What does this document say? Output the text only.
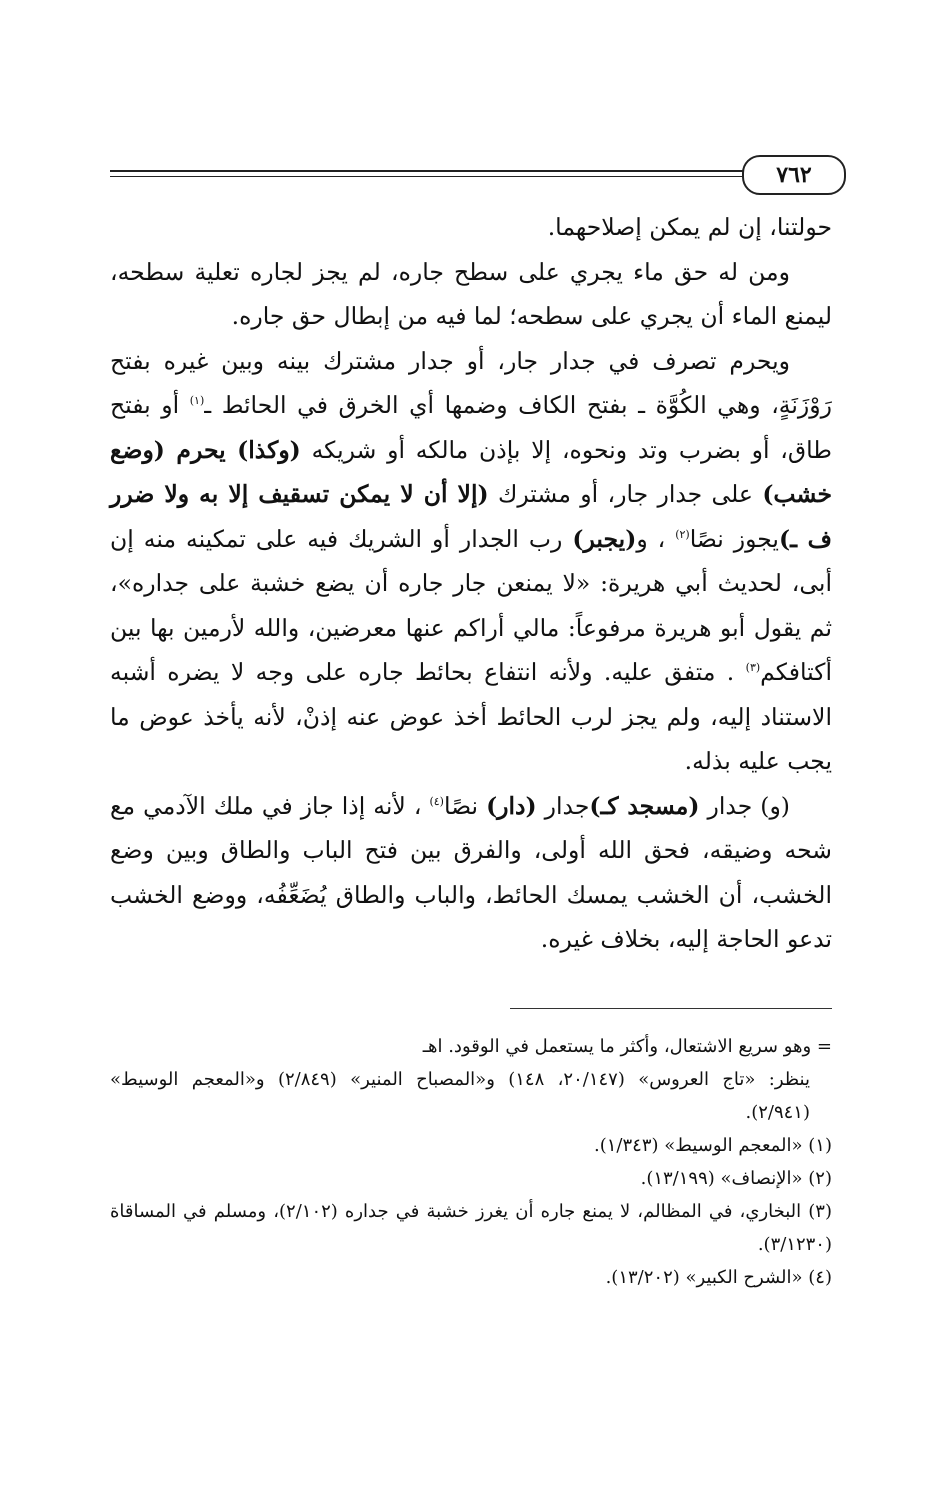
٧٦٢

حولتنا، إن لم يمكن إصلاحهما.

ومن له حق ماء يجري على سطح جاره، لم يجز لجاره تعلية سطحه، ليمنع الماء أن يجري على سطحه؛ لما فيه من إبطال حق جاره.

ويحرم تصرف في جدار جار، أو جدار مشترك بينه وبين غيره بفتح رَوْزَنَةٍ، وهي الكُوَّة ـ بفتح الكاف وضمها أي الخرق في الحائط ـ$^{(١)}$ أو بفتح طاق، أو بضرب وتد ونحوه، إلا بإذن مالكه أو شريكه (وكذا) يحرم (وضع خشب) على جدار جار، أو مشترك (إلا أن لا يمكن تسقيف إلا به ولا ضرر ف ـ)يجوز نصًا$^{(٢)}$ ، و(يجبر) رب الجدار أو الشريك فيه على تمكينه منه إن أبى، لحديث أبي هريرة: «لا يمنعن جار جاره أن يضع خشبة على جداره»، ثم يقول أبو هريرة مرفوعاً: مالي أراكم عنها معرضين، والله لأرمين بها بين أكتافكم$^{(٣)}$ . متفق عليه. ولأنه انتفاع بحائط جاره على وجه لا يضره أشبه الاستناد إليه، ولم يجز لرب الحائط أخذ عوض عنه إذنْ، لأنه يأخذ عوض ما يجب عليه بذله.

(و) جدار (مسجد كـ)جدار (دار) نصًا$^{(٤)}$ ، لأنه إذا جاز في ملك الآدمي مع شحه وضيقه، فحق الله أولى، والفرق بين فتح الباب والطاق وبين وضع الخشب، أن الخشب يمسك الحائط، والباب والطاق يُضَعِّفُه، ووضع الخشب تدعو الحاجة إليه، بخلاف غيره.

= وهو سريع الاشتعال، وأكثر ما يستعمل في الوقود. اهـ

ينظر: «تاج العروس» (٢٠/١٤٧، ١٤٨) و«المصباح المنير» (٢/٨٤٩) و«المعجم الوسيط» (٢/٩٤١).

(١) «المعجم الوسيط» (١/٣٤٣).

(٢) «الإنصاف» (١٣/١٩٩).

(٣) البخاري، في المظالم، لا يمنع جاره أن يغرز خشبة في جداره (٢/١٠٢)، ومسلم في المساقاة (٣/١٢٣٠).

(٤) «الشرح الكبير» (١٣/٢٠٢).
